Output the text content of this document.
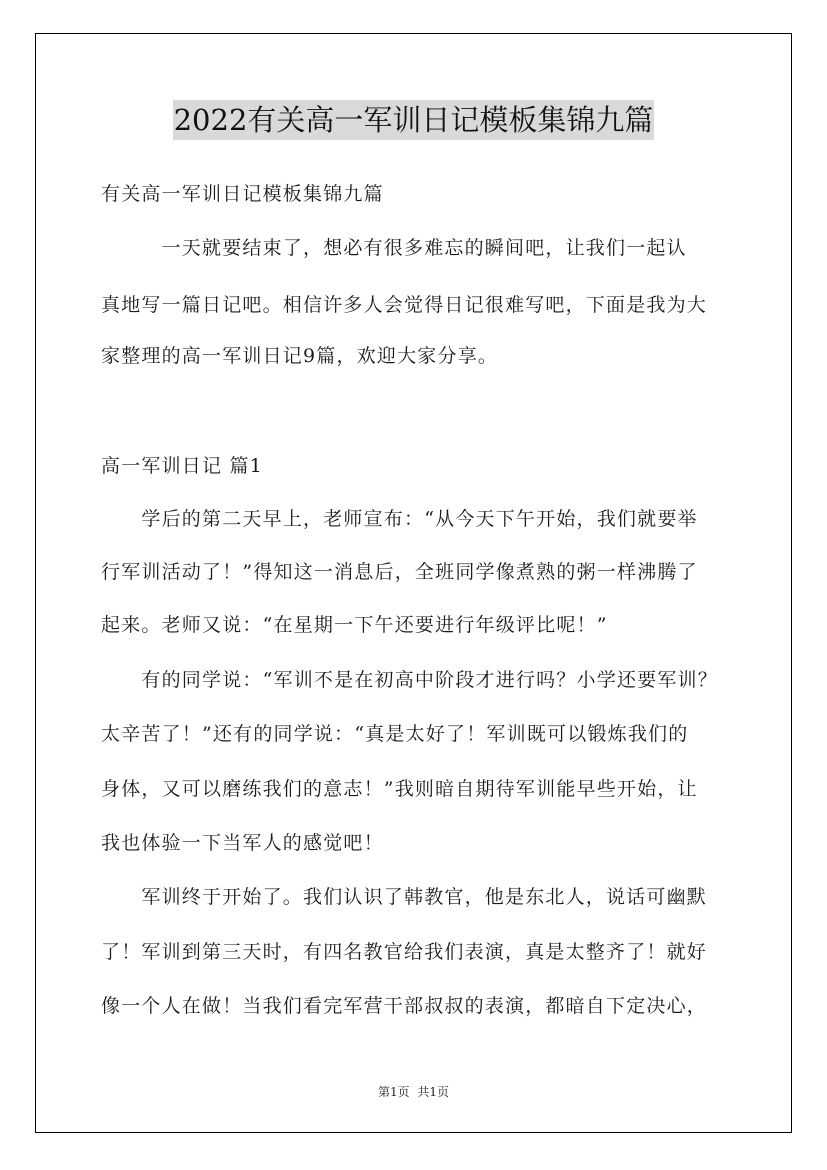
2022有关高一军训日记模板集锦九篇
有关高一军训日记模板集锦九篇
　　　一天就要结束了，想必有很多难忘的瞬间吧，让我们一起认
真地写一篇日记吧。相信许多人会觉得日记很难写吧，下面是我为大
家整理的高一军训日记9篇，欢迎大家分享。
高一军训日记 篇1
　　学后的第二天早上，老师宣布：“从今天下午开始，我们就要举
行军训活动了！”得知这一消息后，全班同学像煮熟的粥一样沸腾了
起来。老师又说：“在星期一下午还要进行年级评比呢！”
　　有的同学说：“军训不是在初高中阶段才进行吗？小学还要军训？
太辛苦了！”还有的同学说：“真是太好了！军训既可以锻炼我们的
身体，又可以磨练我们的意志！”我则暗自期待军训能早些开始，让
我也体验一下当军人的感觉吧！
　　军训终于开始了。我们认识了韩教官，他是东北人，说话可幽默
了！军训到第三天时，有四名教官给我们表演，真是太整齐了！就好
像一个人在做！当我们看完军营干部叔叔的表演，都暗自下定决心，
第1页 共1页
